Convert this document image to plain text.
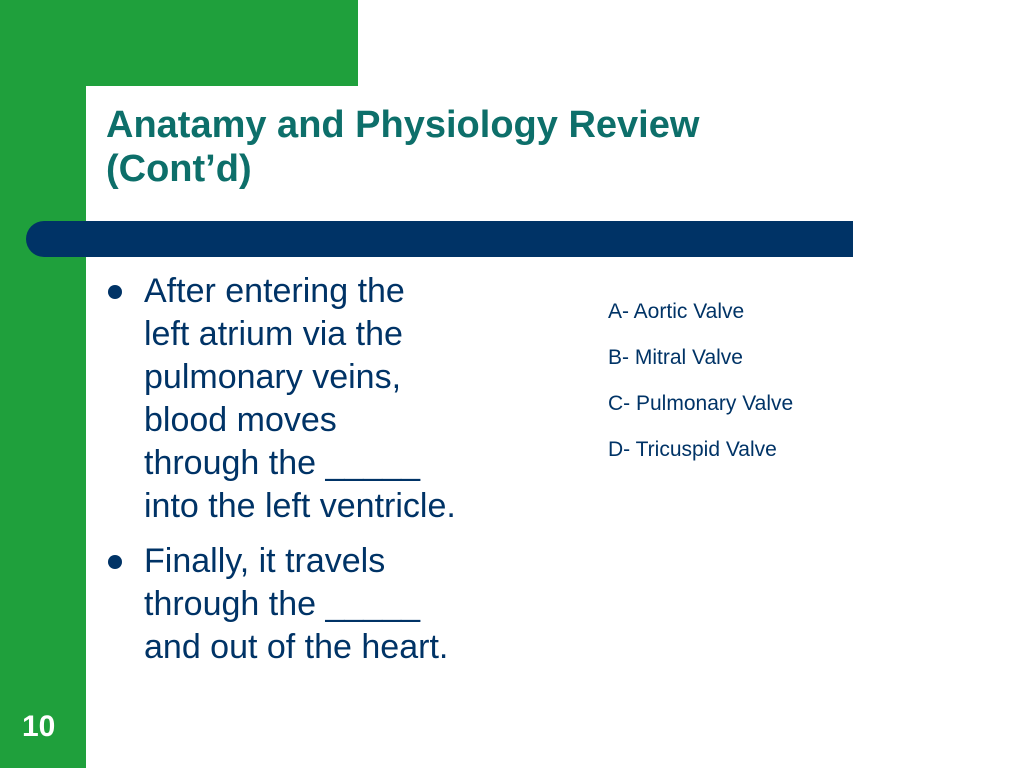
Anatamy and Physiology Review
(Cont’d)
After entering the
left atrium via the
pulmonary veins,
blood moves
through the _____
into the left ventricle.
Finally, it travels
through the _____
and out of the heart.
A- Aortic Valve
B- Mitral Valve
C- Pulmonary Valve
D- Tricuspid Valve
10
